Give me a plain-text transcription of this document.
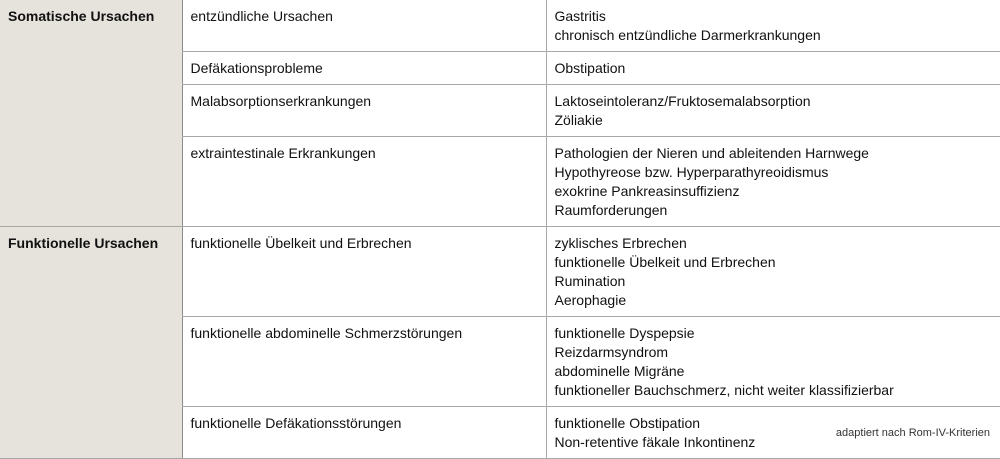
Somatische Ursachen	entzündliche Ursachen	Gastritis
chronisch entzündliche Darmerkrankungen

	Defäkationsprobleme	Obstipation

	Malabsorptionserkrankungen	Laktoseintoleranz/Fruktosemalabsorption
Zöliakie

	extraintestinale Erkrankungen	Pathologien der Nieren und ableitenden Harnwege
Hypothyreose bzw. Hyperparathyreoidismus
exokrine Pankreasinsuffizienz
Raumforderungen

Funktionelle Ursachen	funktionelle Übelkeit und Erbrechen	zyklisches Erbrechen
funktionelle Übelkeit und Erbrechen
Rumination
Aerophagie

	funktionelle abdominelle Schmerzstörungen	funktionelle Dyspepsie
Reizdarmsyndrom
abdominelle Migräne
funktioneller Bauchschmerz, nicht weiter klassifizierbar

	funktionelle Defäkationsstörungen	funktionelle Obstipation
Non-retentive fäkale Inkontinenz
adaptiert nach Rom-IV-Kriterien
